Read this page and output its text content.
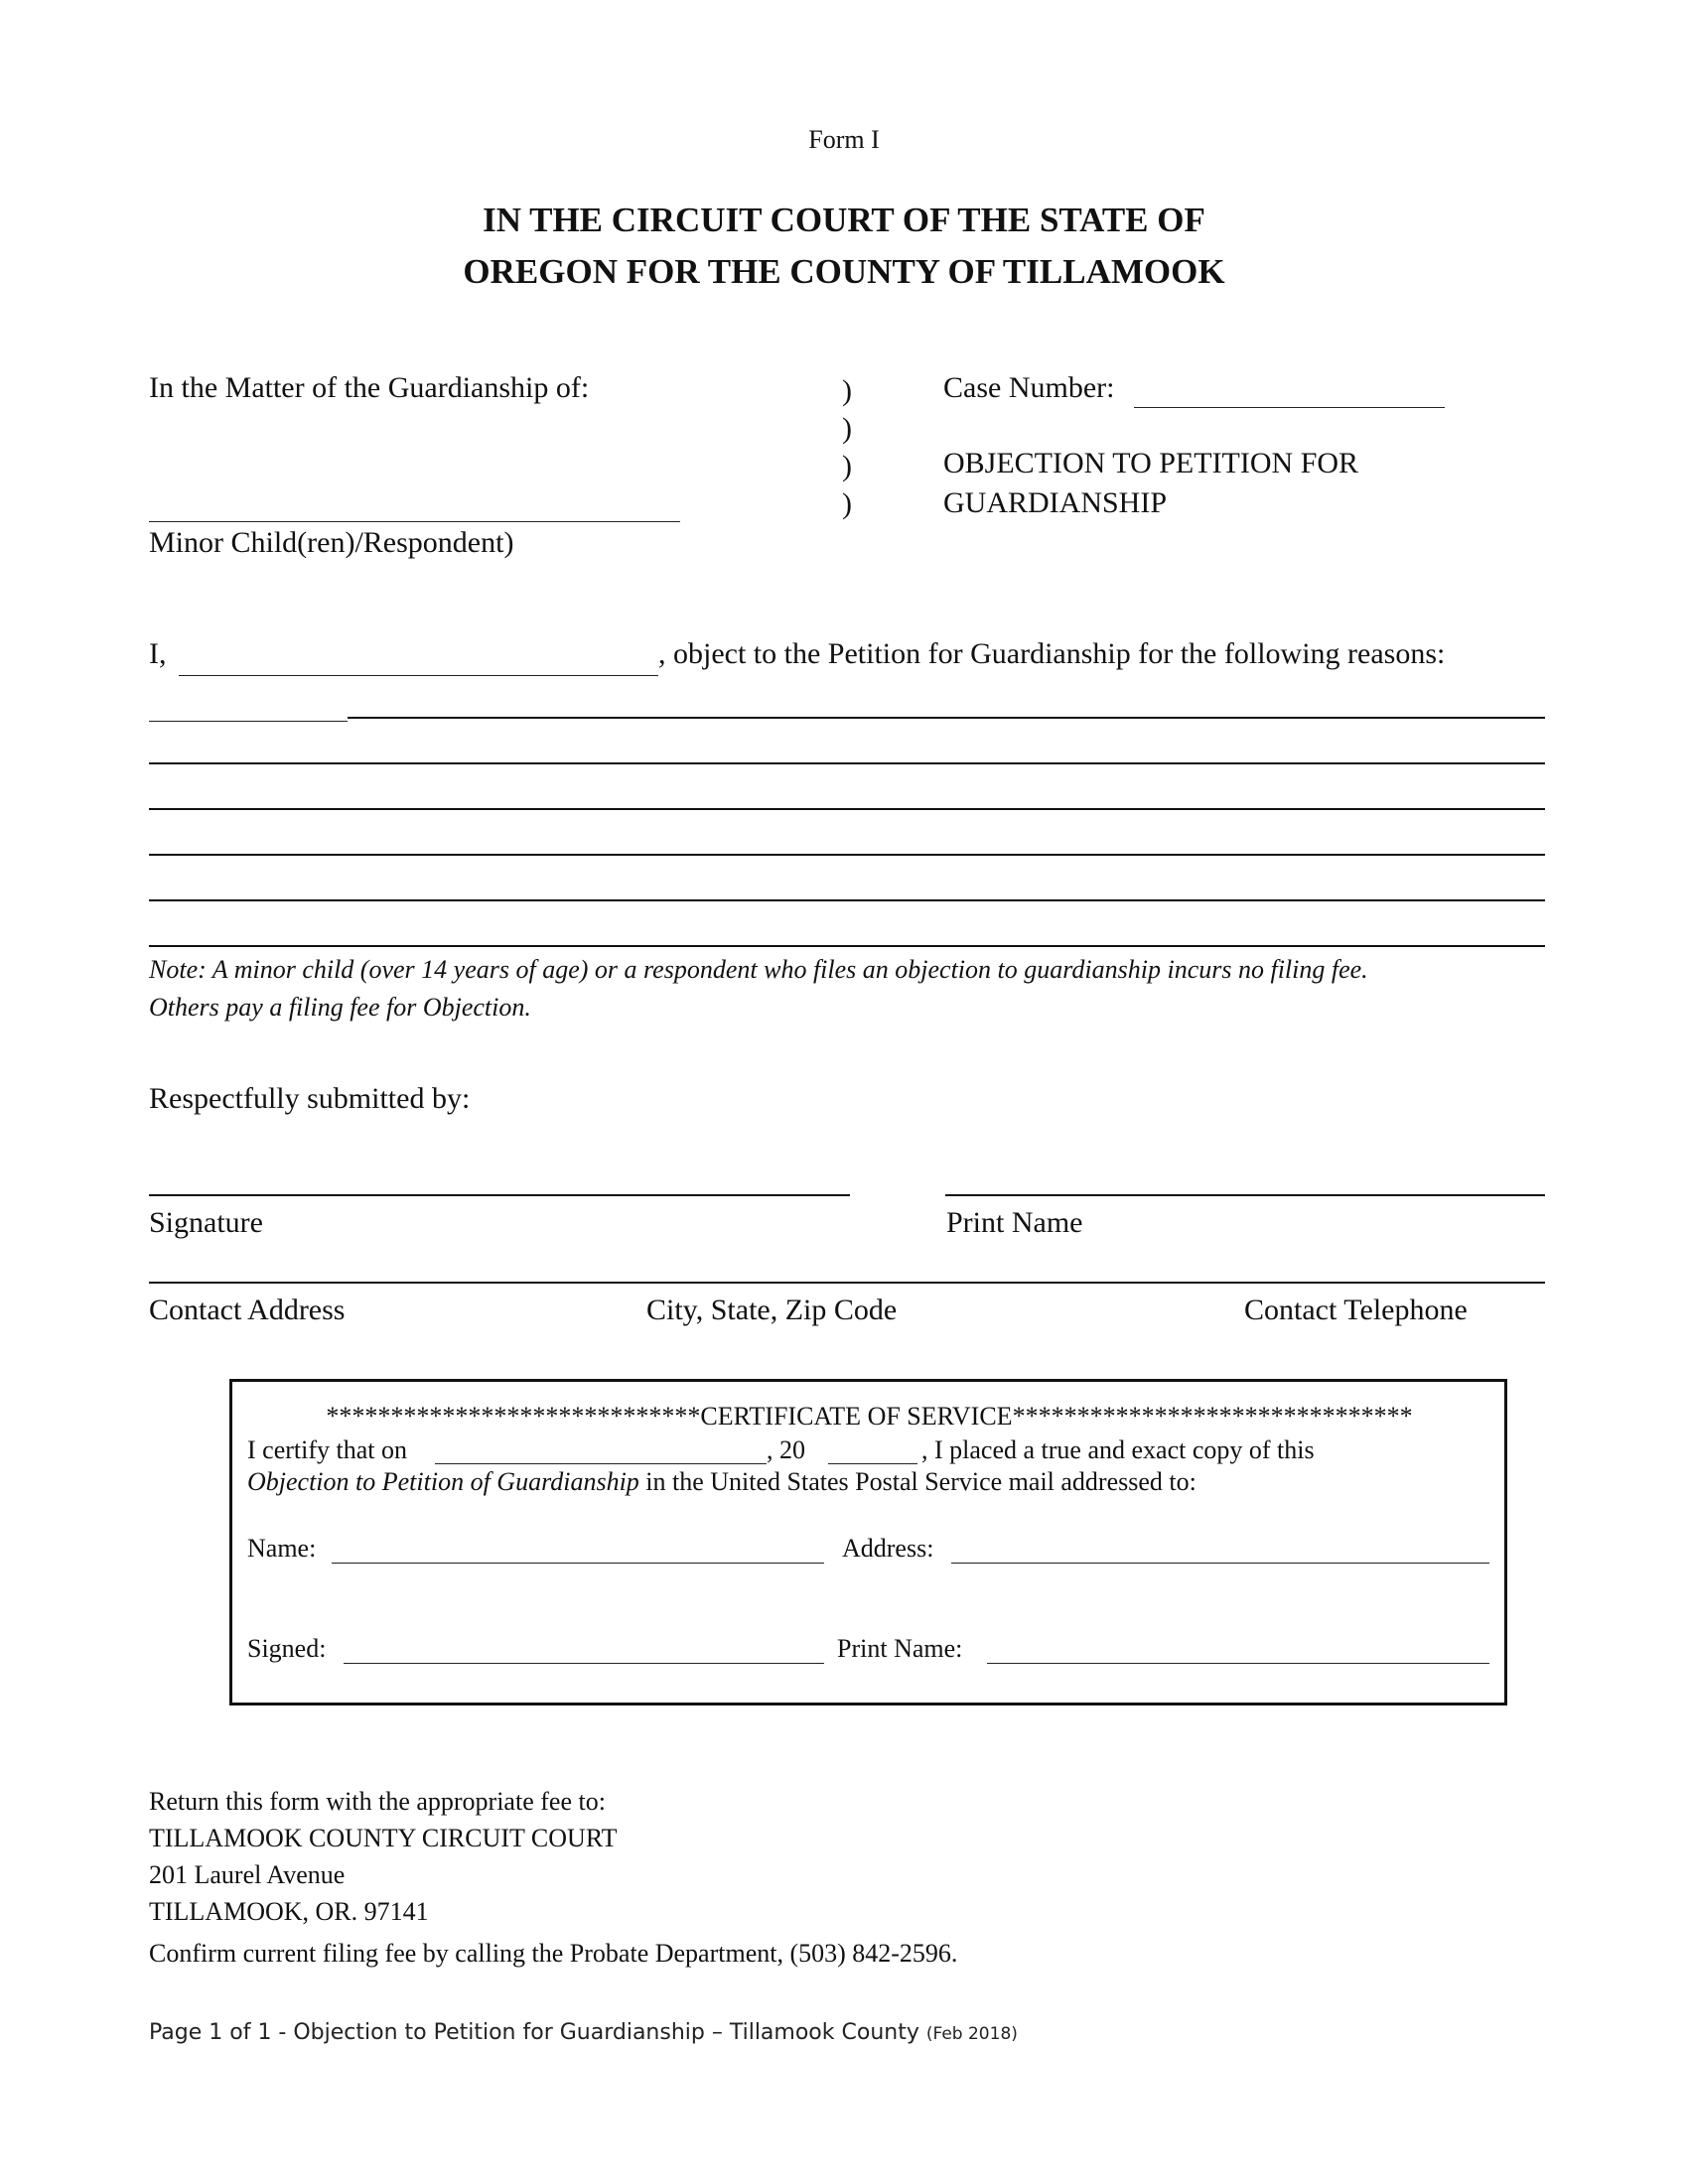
Form I
IN THE CIRCUIT COURT OF THE STATE OF
OREGON FOR THE COUNTY OF TILLAMOOK
In the Matter of the Guardianship of:
Minor Child(ren)/Respondent)
)
)
)
)
Case Number:
OBJECTION TO PETITION FOR
GUARDIANSHIP
I,	, object to the Petition for Guardianship for the following reasons:
Note: A minor child (over 14 years of age) or a respondent who files an objection to guardianship incurs no filing fee.
Others pay a filing fee for Objection.
Respectfully submitted by:
Signature	Print Name
Contact Address	City, State, Zip Code	Contact Telephone
*****************************CERTIFICATE OF SERVICE*******************************
I certify that on	, 20	, I placed a true and exact copy of this
Objection to Petition of Guardianship in the United States Postal Service mail addressed to:
Name:	Address:
Signed:	Print Name:
Return this form with the appropriate fee to:
TILLAMOOK COUNTY CIRCUIT COURT
201 Laurel Avenue
TILLAMOOK, OR. 97141
Confirm current filing fee by calling the Probate Department, (503) 842-2596.
Page 1 of 1 - Objection to Petition for Guardianship – Tillamook County (Feb 2018)
